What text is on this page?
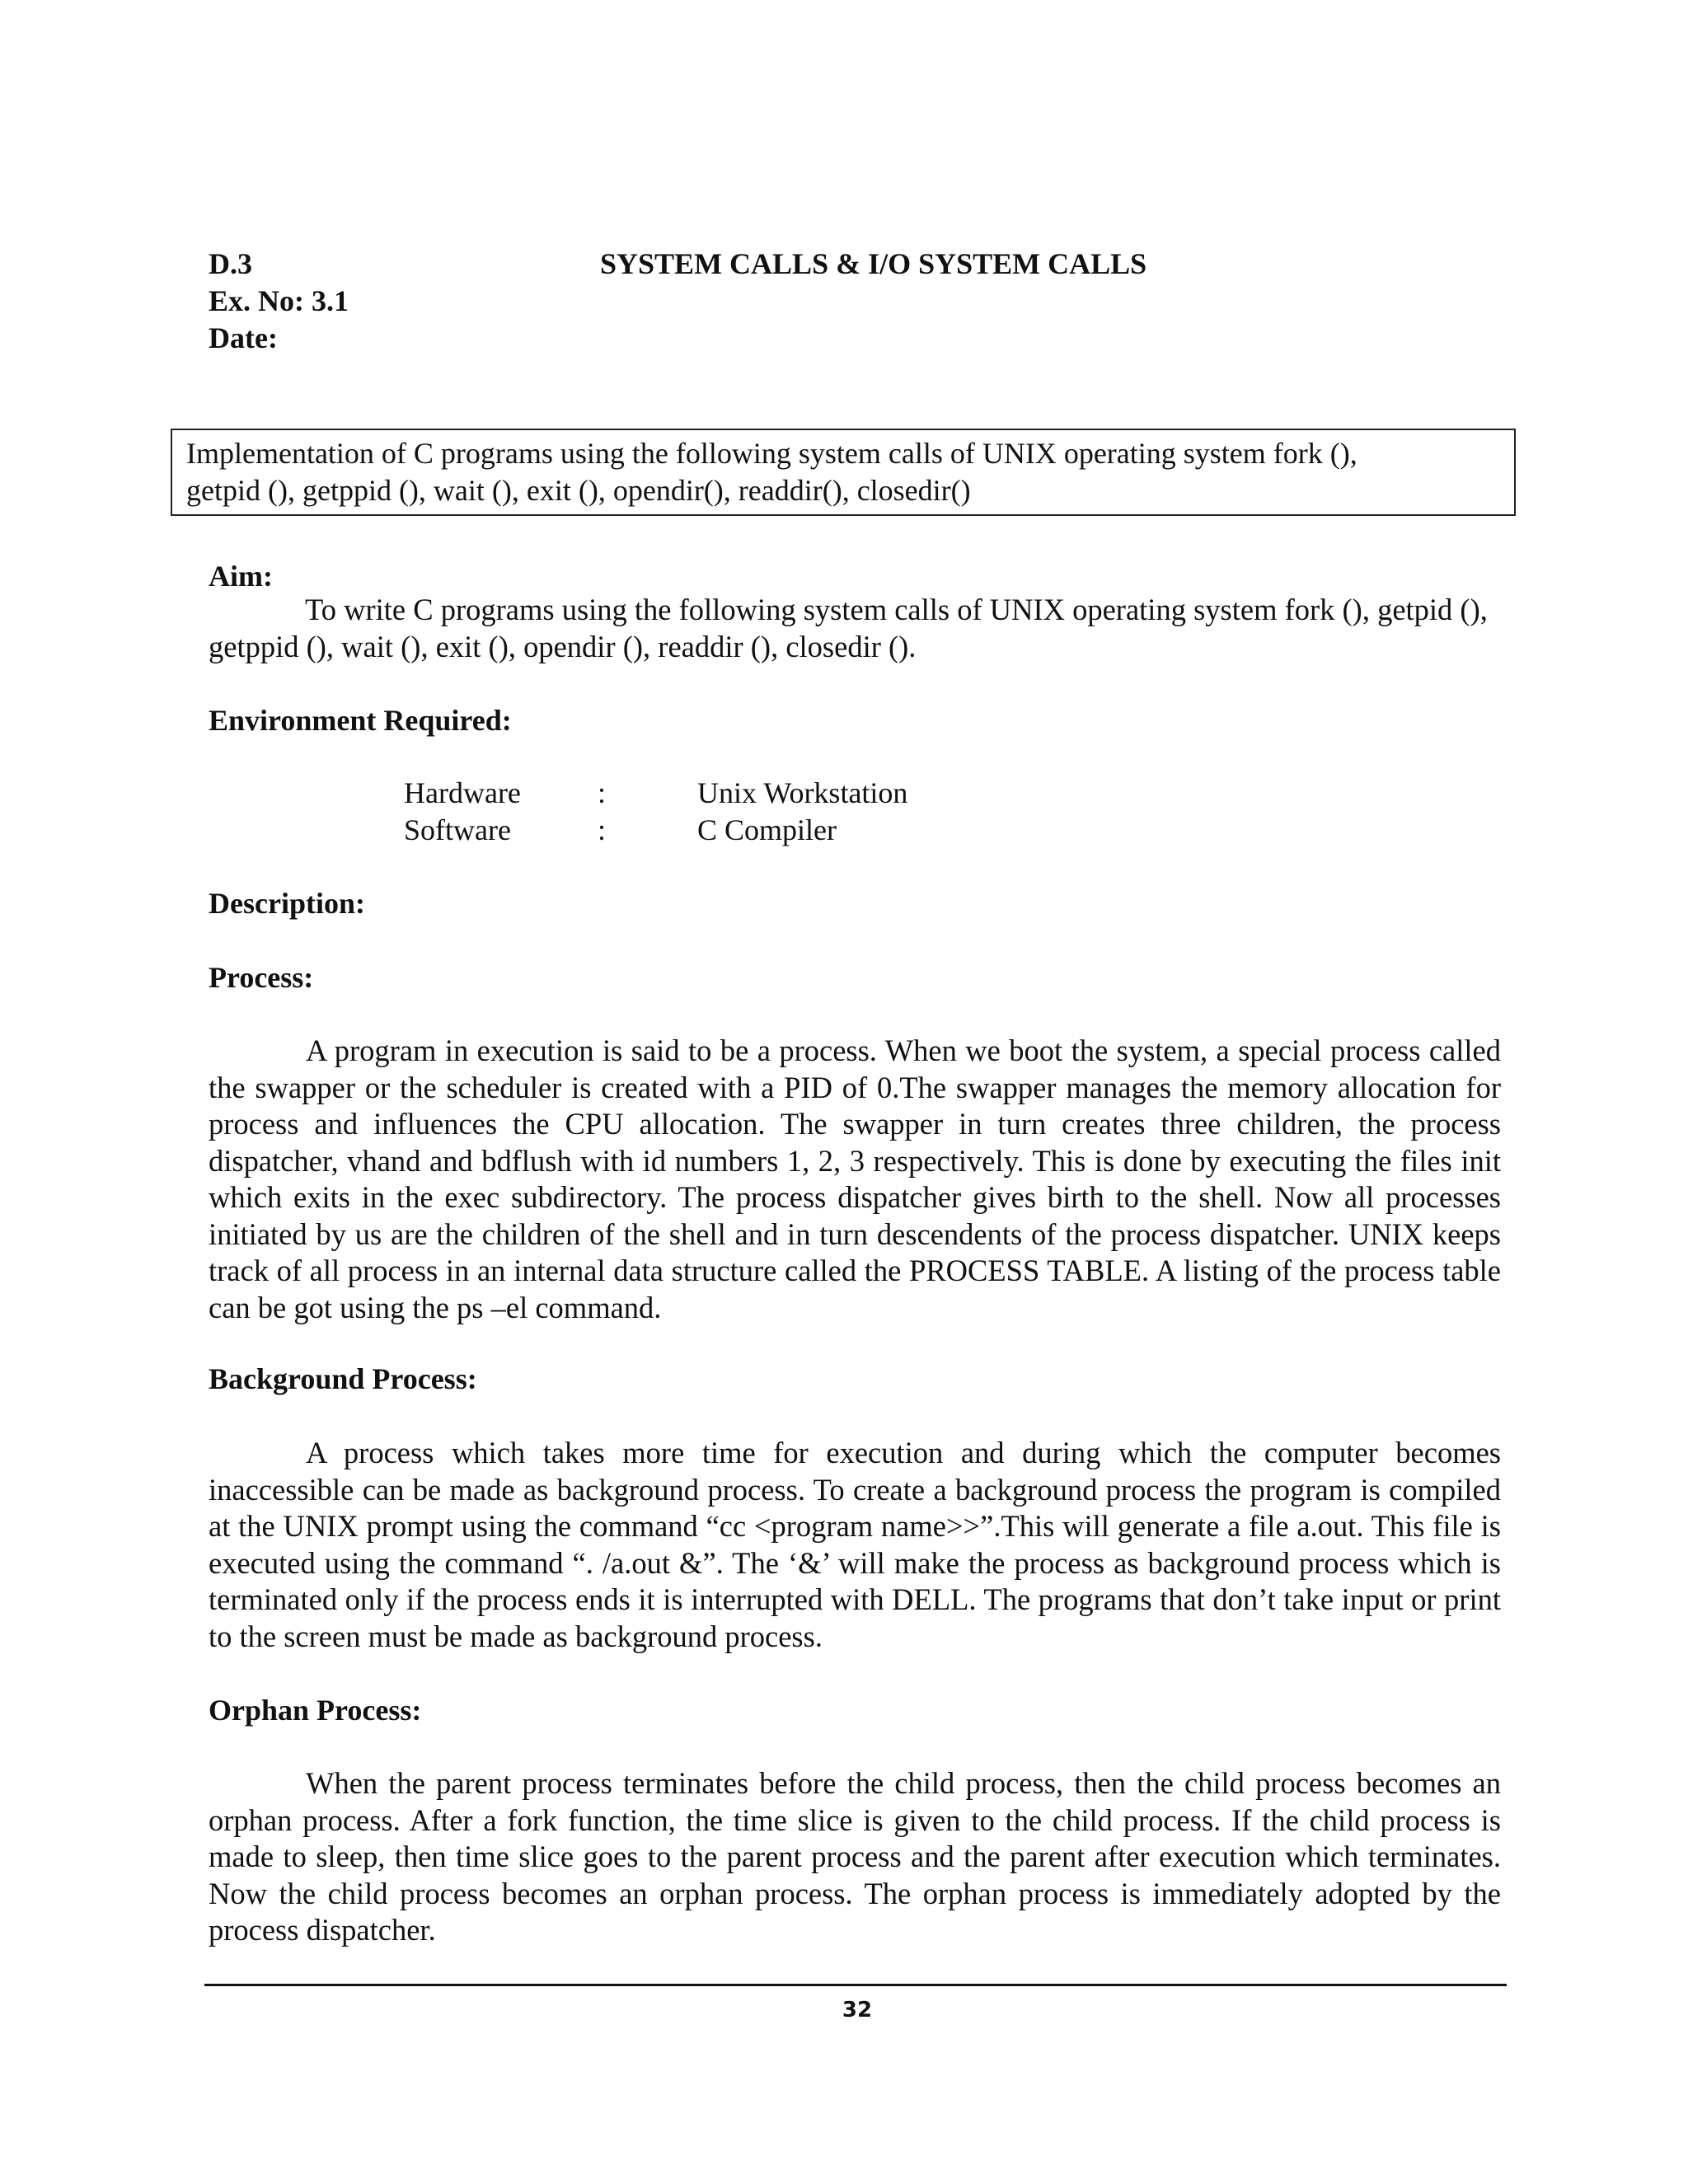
D.3	SYSTEM CALLS & I/O SYSTEM CALLS
Ex. No: 3.1
Date:

Implementation of C programs using the following system calls of UNIX operating system fork (),

getpid (), getppid (), wait (), exit (), opendir(), readdir(), closedir()

Aim:

To write C programs using the following system calls of UNIX operating system fork (), getpid (), getppid (), wait (), exit (), opendir (), readdir (), closedir ().

Environment Required:
Hardware	:	Unix Workstation
Software	:	C Compiler
Description:
Process:

A program in execution is said to be a process. When we boot the system, a special process called the swapper or the scheduler is created with a PID of 0.The swapper manages the memory allocation for process and influences the CPU allocation. The swapper in turn creates three children, the process dispatcher, vhand and bdflush with id numbers 1, 2, 3 respectively. This is done by executing the files init which exits in the exec subdirectory. The process dispatcher gives birth to the shell. Now all processes initiated by us are the children of the shell and in turn descendents of the process dispatcher. UNIX keeps track of all process in an internal data structure called the PROCESS TABLE. A listing of the process table can be got using the ps –el command.

Background Process:

A process which takes more time for execution and during which the computer becomes inaccessible can be made as background process. To create a background process the program is compiled at the UNIX prompt using the command “cc <program name>>”.This will generate a file a.out. This file is executed using the command “. /a.out &”. The ‘&’ will make the process as background process which is terminated only if the process ends it is interrupted with DELL. The programs that don’t take input or print to the screen must be made as background process.

Orphan Process:

When the parent process terminates before the child process, then the child process becomes an orphan process. After a fork function, the time slice is given to the child process. If the child process is made to sleep, then time slice goes to the parent process and the parent after execution which terminates. Now the child process becomes an orphan process. The orphan process is immediately adopted by the process dispatcher.

32
